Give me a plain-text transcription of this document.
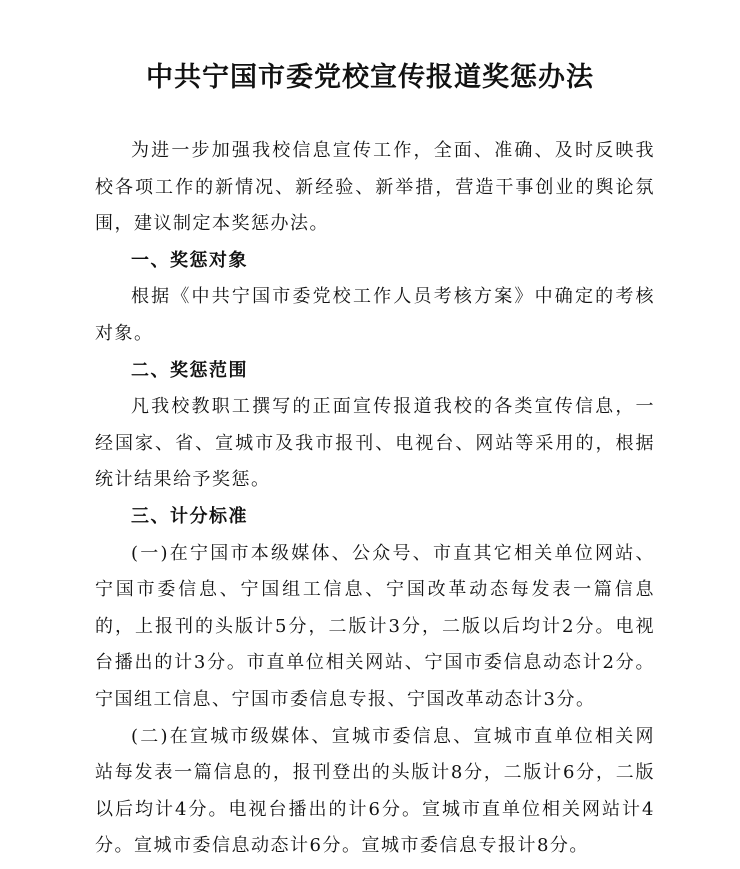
中共宁国市委党校宣传报道奖惩办法

为进一步加强我校信息宣传工作，全面、准确、及时反映我校各项工作的新情况、新经验、新举措，营造干事创业的舆论氛围，建议制定本奖惩办法。

一、奖惩对象

根据《中共宁国市委党校工作人员考核方案》中确定的考核对象。

二、奖惩范围

凡我校教职工撰写的正面宣传报道我校的各类宣传信息，一经国家、省、宣城市及我市报刊、电视台、网站等采用的，根据统计结果给予奖惩。

三、计分标准

(一)在宁国市本级媒体、公众号、市直其它相关单位网站、宁国市委信息、宁国组工信息、宁国改革动态每发表一篇信息的，上报刊的头版计5分，二版计3分，二版以后均计2分。电视台播出的计3分。市直单位相关网站、宁国市委信息动态计2分。宁国组工信息、宁国市委信息专报、宁国改革动态计3分。

(二)在宣城市级媒体、宣城市委信息、宣城市直单位相关网站每发表一篇信息的，报刊登出的头版计8分，二版计6分，二版以后均计4分。电视台播出的计6分。宣城市直单位相关网站计4分。宣城市委信息动态计6分。宣城市委信息专报计8分。
